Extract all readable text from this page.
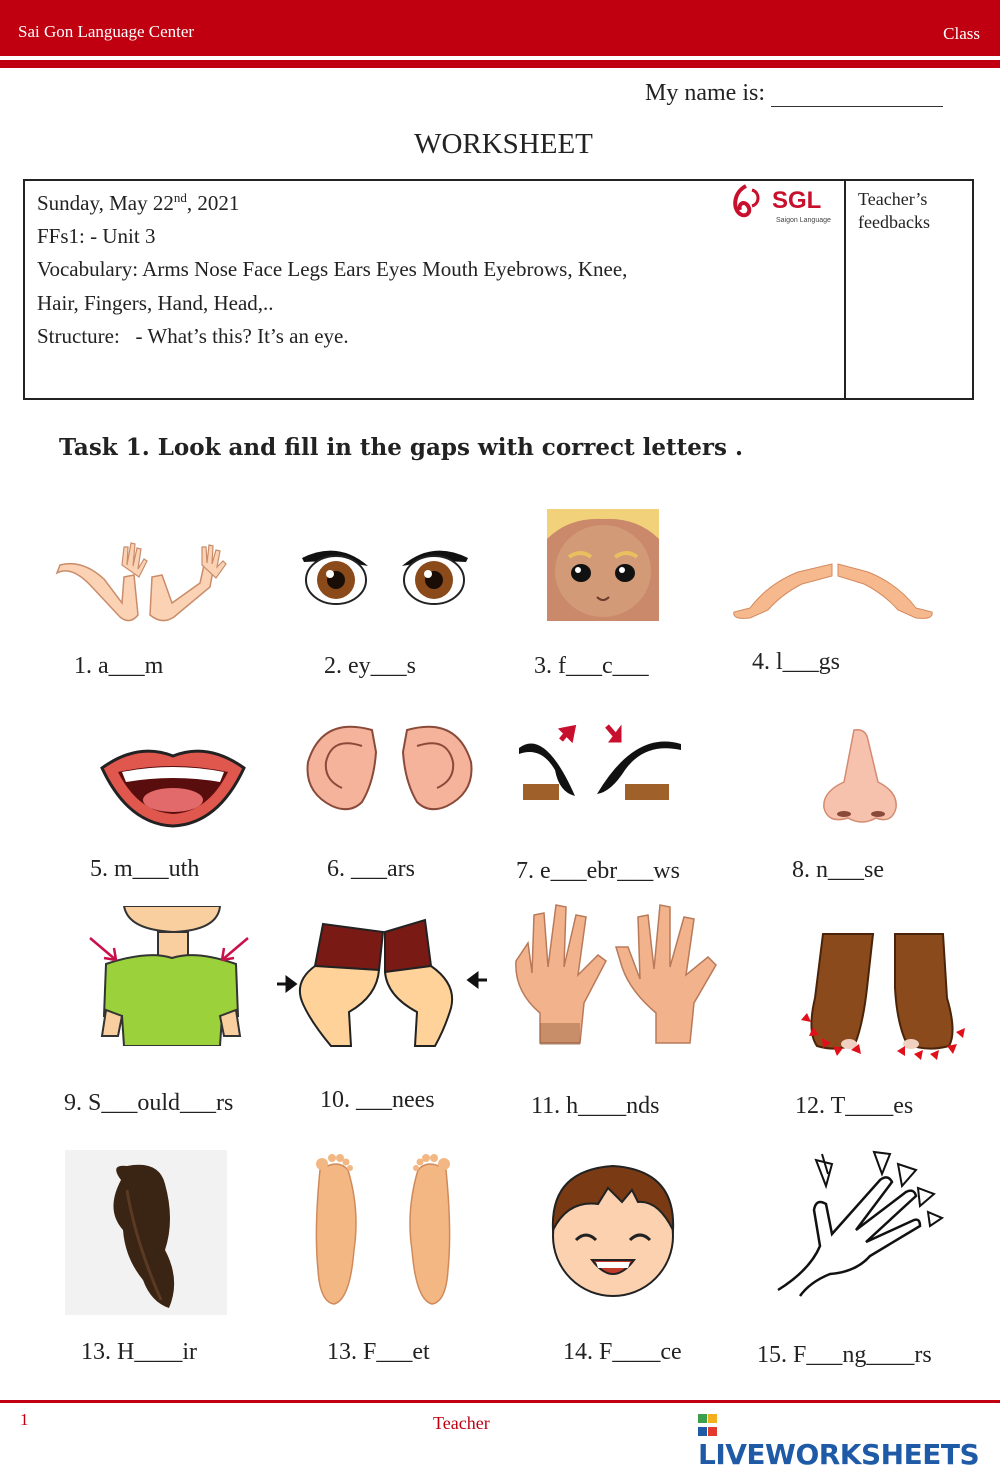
Sai Gon Language Center	Class
My name is:
WORKSHEET
Sunday, May 22nd, 2021
FFs1: - Unit 3
Vocabulary: Arms Nose Face Legs Ears Eyes Mouth Eyebrows, Knee,
Hair, Fingers, Hand, Head,..
Structure:   - What’s this? It’s an eye.
Teacher’s feedbacks
SGL
Saigon Language
Task 1. Look and fill in the gaps with correct letters .
1. a___m	2. ey___s	3. f___c___	4. l___gs
5. m___uth	6. ___ars	7. e___ebr___ws	8. n___se
9. S___ould___rs	10. ___nees	11. h____nds	12. T____es
13. H____ir	13. F___et	14. F____ce	15. F___ng____rs
1	Teacher

LIVEWORKSHEETS
